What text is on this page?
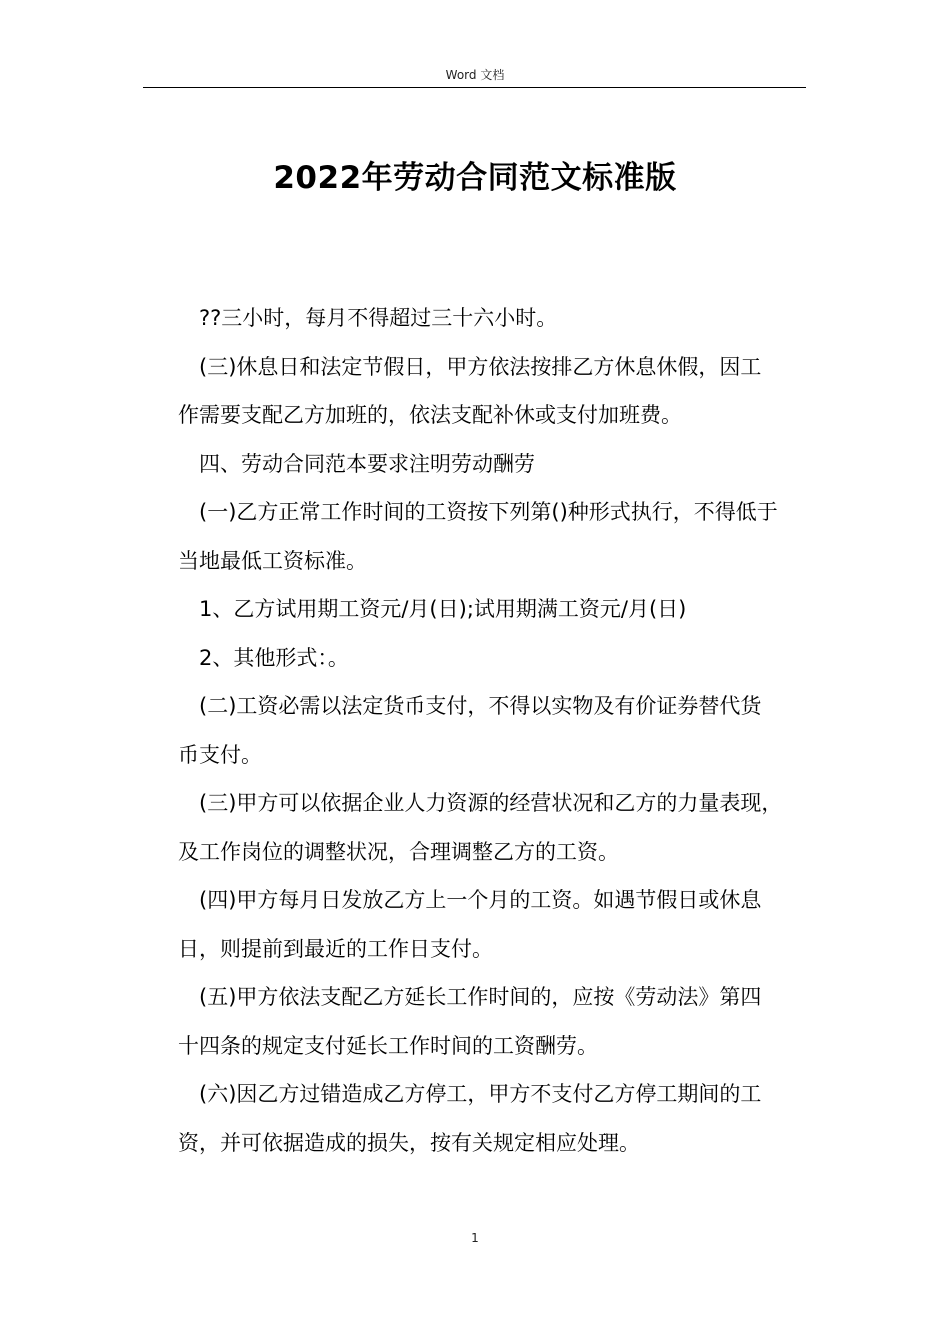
Word 文档
2022年劳动合同范文标准版
??三小时，每月不得超过三十六小时。
(三)休息日和法定节假日，甲方依法按排乙方休息休假，因工
作需要支配乙方加班的，依法支配补休或支付加班费。
四、劳动合同范本要求注明劳动酬劳
(一)乙方正常工作时间的工资按下列第()种形式执行，不得低于
当地最低工资标准。
1、乙方试用期工资元/月(日);试用期满工资元/月(日)
2、其他形式：。
(二)工资必需以法定货币支付，不得以实物及有价证券替代货
币支付。
(三)甲方可以依据企业人力资源的经营状况和乙方的力量表现，
及工作岗位的调整状况，合理调整乙方的工资。
(四)甲方每月日发放乙方上一个月的工资。如遇节假日或休息
日，则提前到最近的工作日支付。
(五)甲方依法支配乙方延长工作时间的，应按《劳动法》第四
十四条的规定支付延长工作时间的工资酬劳。
(六)因乙方过错造成乙方停工，甲方不支付乙方停工期间的工
资，并可依据造成的损失，按有关规定相应处理。
1
